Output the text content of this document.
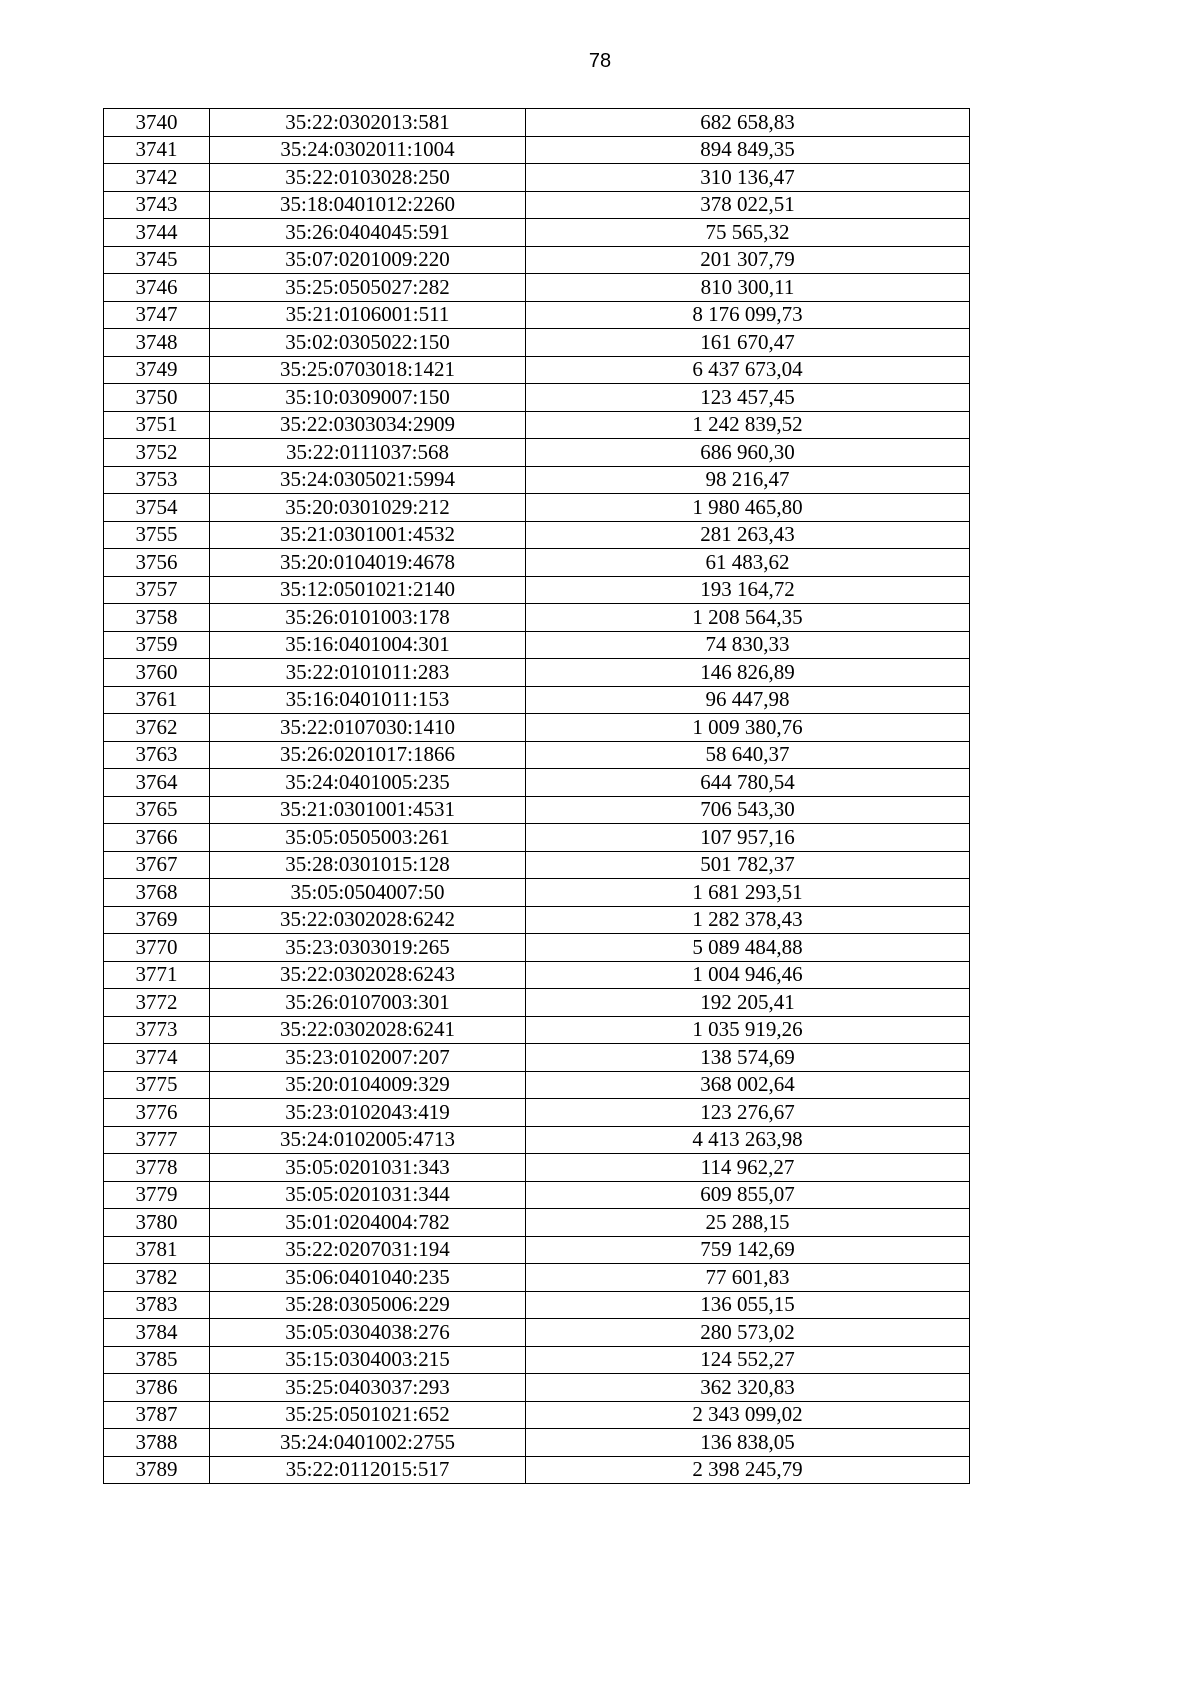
78
3740	35:22:0302013:581	682 658,83
3741	35:24:0302011:1004	894 849,35
3742	35:22:0103028:250	310 136,47
3743	35:18:0401012:2260	378 022,51
3744	35:26:0404045:591	75 565,32
3745	35:07:0201009:220	201 307,79
3746	35:25:0505027:282	810 300,11
3747	35:21:0106001:511	8 176 099,73
3748	35:02:0305022:150	161 670,47
3749	35:25:0703018:1421	6 437 673,04
3750	35:10:0309007:150	123 457,45
3751	35:22:0303034:2909	1 242 839,52
3752	35:22:0111037:568	686 960,30
3753	35:24:0305021:5994	98 216,47
3754	35:20:0301029:212	1 980 465,80
3755	35:21:0301001:4532	281 263,43
3756	35:20:0104019:4678	61 483,62
3757	35:12:0501021:2140	193 164,72
3758	35:26:0101003:178	1 208 564,35
3759	35:16:0401004:301	74 830,33
3760	35:22:0101011:283	146 826,89
3761	35:16:0401011:153	96 447,98
3762	35:22:0107030:1410	1 009 380,76
3763	35:26:0201017:1866	58 640,37
3764	35:24:0401005:235	644 780,54
3765	35:21:0301001:4531	706 543,30
3766	35:05:0505003:261	107 957,16
3767	35:28:0301015:128	501 782,37
3768	35:05:0504007:50	1 681 293,51
3769	35:22:0302028:6242	1 282 378,43
3770	35:23:0303019:265	5 089 484,88
3771	35:22:0302028:6243	1 004 946,46
3772	35:26:0107003:301	192 205,41
3773	35:22:0302028:6241	1 035 919,26
3774	35:23:0102007:207	138 574,69
3775	35:20:0104009:329	368 002,64
3776	35:23:0102043:419	123 276,67
3777	35:24:0102005:4713	4 413 263,98
3778	35:05:0201031:343	114 962,27
3779	35:05:0201031:344	609 855,07
3780	35:01:0204004:782	25 288,15
3781	35:22:0207031:194	759 142,69
3782	35:06:0401040:235	77 601,83
3783	35:28:0305006:229	136 055,15
3784	35:05:0304038:276	280 573,02
3785	35:15:0304003:215	124 552,27
3786	35:25:0403037:293	362 320,83
3787	35:25:0501021:652	2 343 099,02
3788	35:24:0401002:2755	136 838,05
3789	35:22:0112015:517	2 398 245,79
